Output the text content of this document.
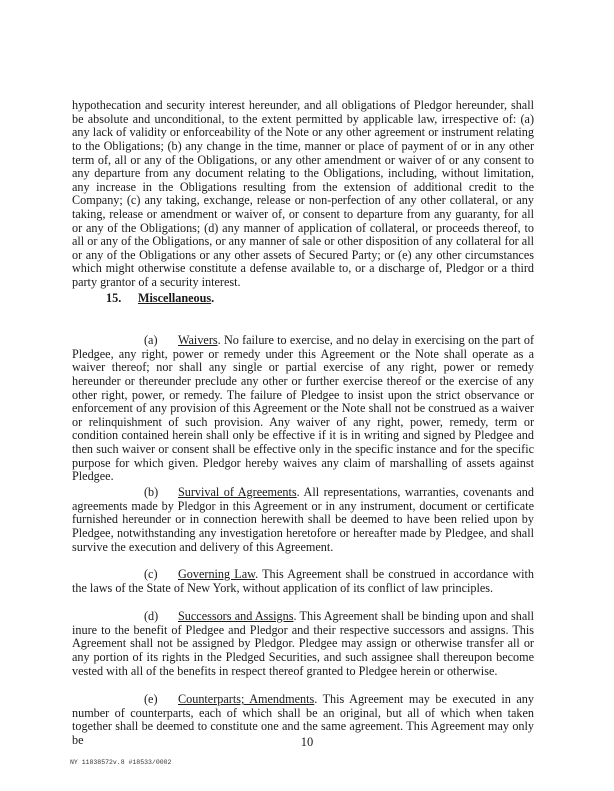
hypothecation and security interest hereunder, and all obligations of Pledgor hereunder, shall be absolute and unconditional, to the extent permitted by applicable law, irrespective of: (a) any lack of validity or enforceability of the Note or any other agreement or instrument relating to the Obligations; (b) any change in the time, manner or place of payment of or in any other term of, all or any of the Obligations, or any other amendment or waiver of or any consent to any departure from any document relating to the Obligations, including, without limitation, any increase in the Obligations resulting from the extension of additional credit to the Company; (c) any taking, exchange, release or non-perfection of any other collateral, or any taking, release or amendment or waiver of, or consent to departure from any guaranty, for all or any of the Obligations; (d) any manner of application of collateral, or proceeds thereof, to all or any of the Obligations, or any manner of sale or other disposition of any collateral for all or any of the Obligations or any other assets of Secured Party; or (e) any other circumstances which might otherwise constitute a defense available to, or a discharge of, Pledgor or a third party grantor of a security interest.

15. Miscellaneous.

(a) Waivers. No failure to exercise, and no delay in exercising on the part of Pledgee, any right, power or remedy under this Agreement or the Note shall operate as a waiver thereof; nor shall any single or partial exercise of any right, power or remedy hereunder or thereunder preclude any other or further exercise thereof or the exercise of any other right, power, or remedy. The failure of Pledgee to insist upon the strict observance or enforcement of any provision of this Agreement or the Note shall not be construed as a waiver or relinquishment of such provision. Any waiver of any right, power, remedy, term or condition contained herein shall only be effective if it is in writing and signed by Pledgee and then such waiver or consent shall be effective only in the specific instance and for the specific purpose for which given. Pledgor hereby waives any claim of marshalling of assets against Pledgee.

(b) Survival of Agreements. All representations, warranties, covenants and agreements made by Pledgor in this Agreement or in any instrument, document or certificate furnished hereunder or in connection herewith shall be deemed to have been relied upon by Pledgee, notwithstanding any investigation heretofore or hereafter made by Pledgee, and shall survive the execution and delivery of this Agreement.

(c) Governing Law. This Agreement shall be construed in accordance with the laws of the State of New York, without application of its conflict of law principles.

(d) Successors and Assigns. This Agreement shall be binding upon and shall inure to the benefit of Pledgee and Pledgor and their respective successors and assigns. This Agreement shall not be assigned by Pledgor. Pledgee may assign or otherwise transfer all or any portion of its rights in the Pledged Securities, and such assignee shall thereupon become vested with all of the benefits in respect thereof granted to Pledgee herein or otherwise.

(e) Counterparts; Amendments. This Agreement may be executed in any number of counterparts, each of which shall be an original, but all of which when taken together shall be deemed to constitute one and the same agreement. This Agreement may only be	10
NY 11838572v.8 #18533/0002
